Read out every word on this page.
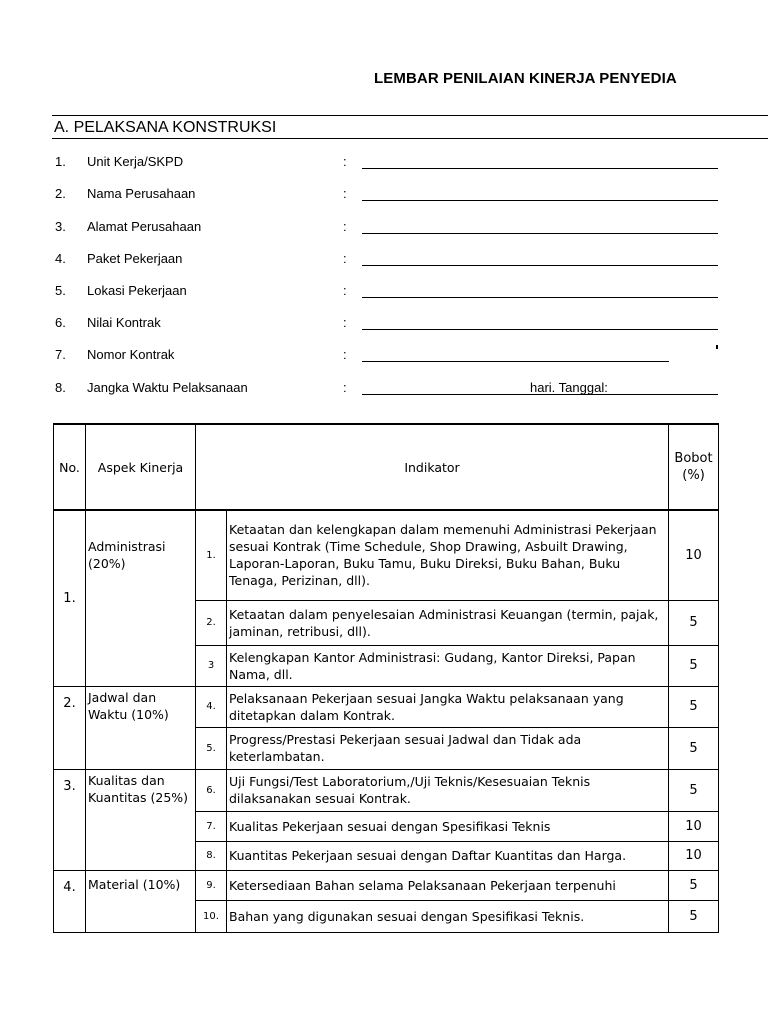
LEMBAR PENILAIAN KINERJA PENYEDIA
A. PELAKSANA KONSTRUKSI
1. Unit Kerja/SKPD	:
2. Nama Perusahaan	:
3. Alamat Perusahaan	:
4. Paket Pekerjaan	:
5. Lokasi Pekerjaan	:
6. Nilai Kontrak	:
7. Nomor Kontrak	:
8. Jangka Waktu Pelaksanaan	:	hari. Tanggal:
No.	Aspek Kinerja	Indikator		Bobot (%)
1.	Administrasi (20%)	1.	Ketaatan dan kelengkapan dalam memenuhi Administrasi Pekerjaan sesuai Kontrak (Time Schedule, Shop Drawing, Asbuilt Drawing, Laporan-Laporan, Buku Tamu, Buku Direksi, Buku Bahan, Buku Tenaga, Perizinan, dll).	10
		2.	Ketaatan dalam penyelesaian Administrasi Keuangan (termin, pajak, jaminan, retribusi, dll).	5
		3	Kelengkapan Kantor Administrasi: Gudang, Kantor Direksi, Papan Nama, dll.	5
2.	Jadwal dan Waktu (10%)	4.	Pelaksanaan Pekerjaan sesuai Jangka Waktu pelaksanaan yang ditetapkan dalam Kontrak.	5
		5.	Progress/Prestasi Pekerjaan sesuai Jadwal dan Tidak ada keterlambatan.	5
3.	Kualitas dan Kuantitas (25%)	6.	Uji Fungsi/Test Laboratorium,/Uji Teknis/Kesesuaian Teknis dilaksanakan sesuai Kontrak.	5
		7.	Kualitas Pekerjaan sesuai dengan Spesifikasi Teknis	10
		8.	Kuantitas Pekerjaan sesuai dengan Daftar Kuantitas dan Harga.	10
4.	Material (10%)	9.	Ketersediaan Bahan selama Pelaksanaan Pekerjaan terpenuhi	5
		10.	Bahan yang digunakan sesuai dengan Spesifikasi Teknis.	5
